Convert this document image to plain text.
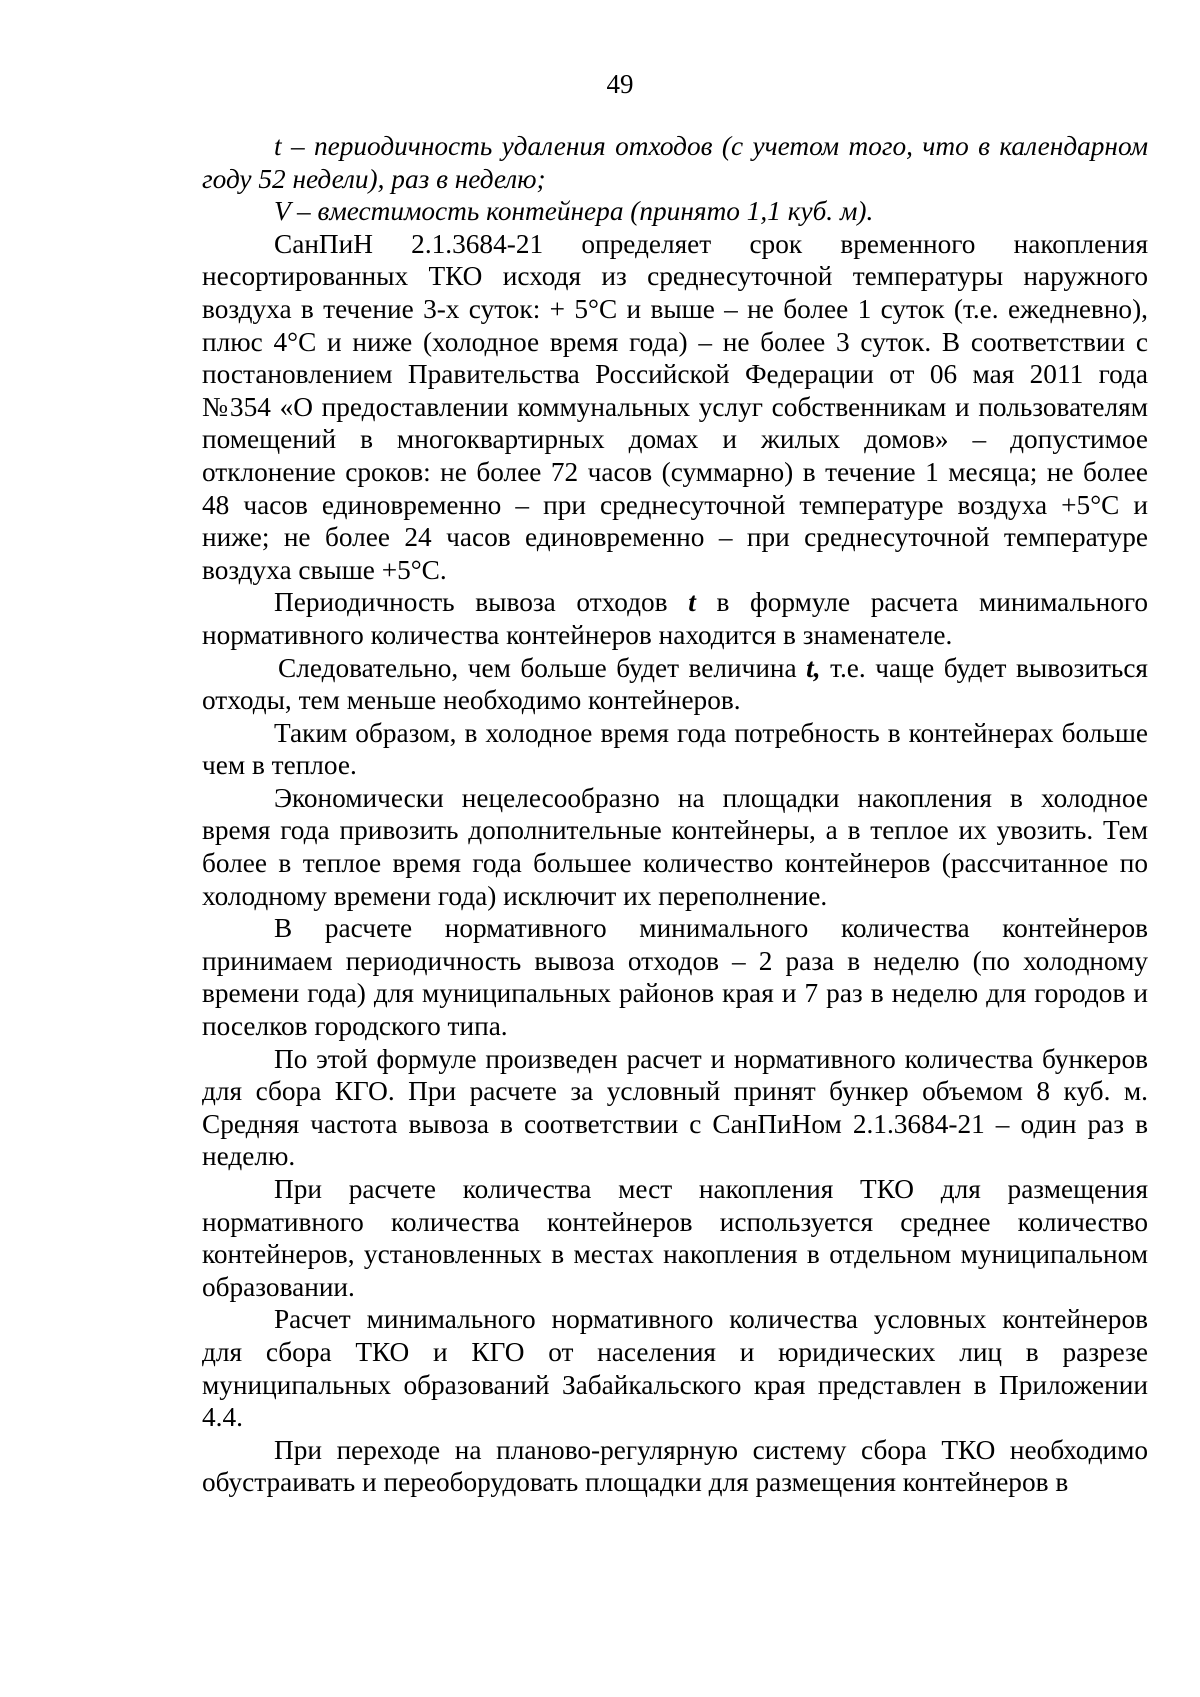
49

t – периодичность удаления отходов (с учетом того, что в календарном году 52 недели), раз в неделю;

V – вместимость контейнера (принято 1,1 куб. м).

СанПиН 2.1.3684-21 определяет срок временного накопления несортированных ТКО исходя из среднесуточной температуры наружного воздуха в течение 3-х суток: + 5°С и выше – не более 1 суток (т.е. ежедневно), плюс 4°С и ниже (холодное время года) – не более 3 суток. В соответствии с постановлением Правительства Российской Федерации от 06 мая 2011 года №354 «О предоставлении коммунальных услуг собственникам и пользователям помещений в многоквартирных домах и жилых домов» – допустимое отклонение сроков: не более 72 часов (суммарно) в течение 1 месяца; не более 48 часов единовременно – при среднесуточной температуре воздуха +5°С и ниже; не более 24 часов единовременно – при среднесуточной температуре воздуха свыше +5°С.

Периодичность вывоза отходов t в формуле расчета минимального нормативного количества контейнеров находится в знаменателе.

Следовательно, чем больше будет величина t, т.е. чаще будет вывозиться отходы, тем меньше необходимо контейнеров.

Таким образом, в холодное время года потребность в контейнерах больше чем в теплое.

Экономически нецелесообразно на площадки накопления в холодное время года привозить дополнительные контейнеры, а в теплое их увозить. Тем более в теплое время года большее количество контейнеров (рассчитанное по холодному времени года) исключит их переполнение.

В расчете нормативного минимального количества контейнеров принимаем периодичность вывоза отходов – 2 раза в неделю (по холодному времени года) для муниципальных районов края и 7 раз в неделю для городов и поселков городского типа.

По этой формуле произведен расчет и нормативного количества бункеров для сбора КГО. При расчете за условный принят бункер объемом 8 куб. м. Средняя частота вывоза в соответствии с СанПиНом 2.1.3684-21 – один раз в неделю.

При расчете количества мест накопления ТКО для размещения нормативного количества контейнеров используется среднее количество контейнеров, установленных в местах накопления в отдельном муниципальном образовании.

Расчет минимального нормативного количества условных контейнеров для сбора ТКО и КГО от населения и юридических лиц в разрезе муниципальных образований Забайкальского края представлен в Приложении 4.4.

При переходе на планово-регулярную систему сбора ТКО необходимо обустраивать и переоборудовать площадки для размещения контейнеров в
